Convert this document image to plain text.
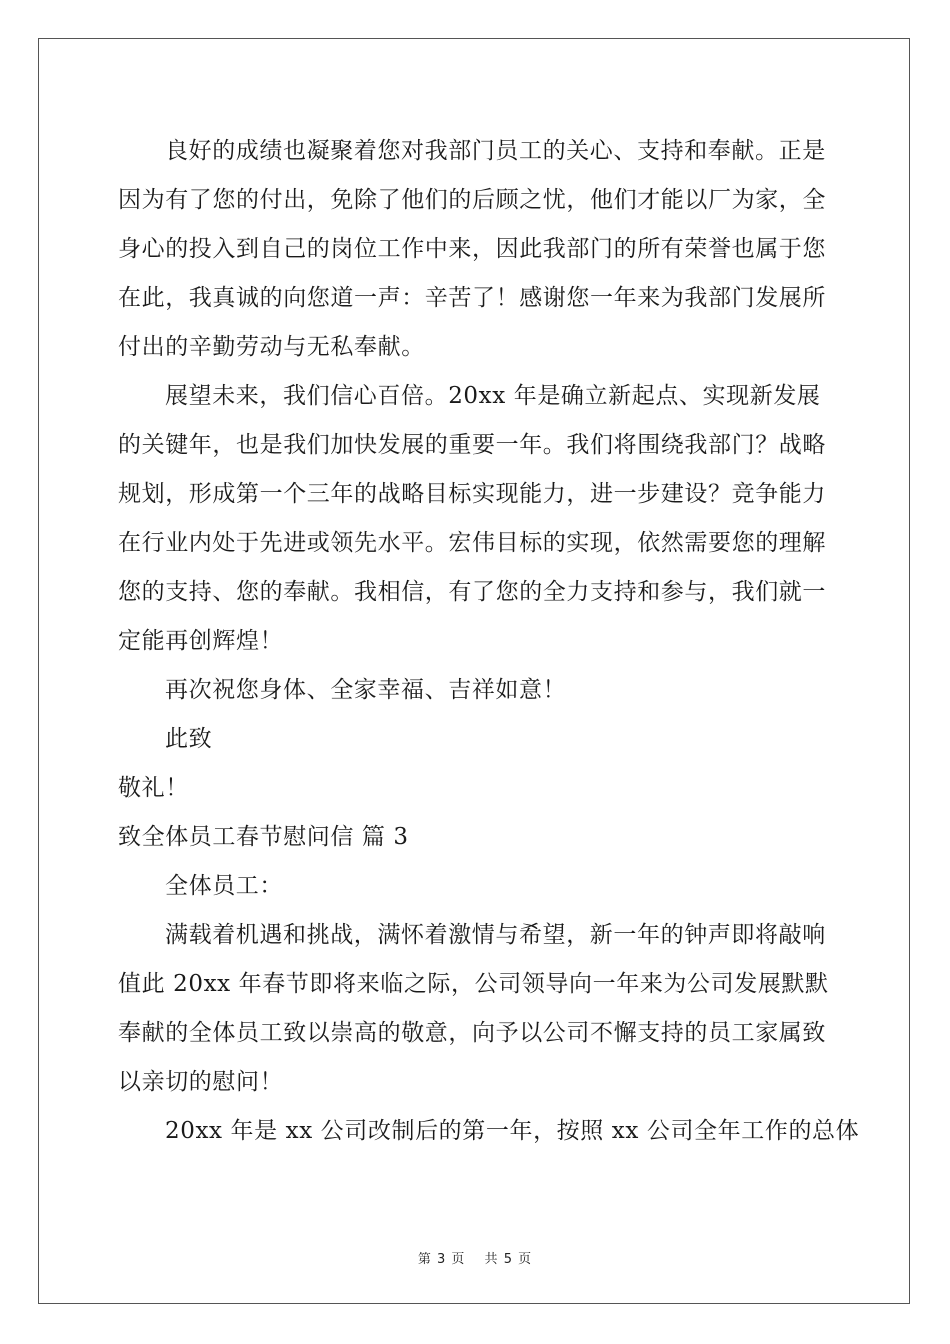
良好的成绩也凝聚着您对我部门员工的关心、支持和奉献。正是
因为有了您的付出，免除了他们的后顾之忧，他们才能以厂为家，全
身心的投入到自己的岗位工作中来，因此我部门的所有荣誉也属于您
在此，我真诚的向您道一声：辛苦了！感谢您一年来为我部门发展所
付出的辛勤劳动与无私奉献。
展望未来，我们信心百倍。20xx 年是确立新起点、实现新发展
的关键年，也是我们加快发展的重要一年。我们将围绕我部门？战略
规划，形成第一个三年的战略目标实现能力，进一步建设？竞争能力
在行业内处于先进或领先水平。宏伟目标的实现，依然需要您的理解
您的支持、您的奉献。我相信，有了您的全力支持和参与，我们就一
定能再创辉煌！
再次祝您身体、全家幸福、吉祥如意！
此致
敬礼！
致全体员工春节慰问信 篇 3
全体员工：
满载着机遇和挑战，满怀着激情与希望，新一年的钟声即将敲响
值此 20xx 年春节即将来临之际，公司领导向一年来为公司发展默默
奉献的全体员工致以崇高的敬意，向予以公司不懈支持的员工家属致
以亲切的慰问！
20xx 年是 xx 公司改制后的第一年，按照 xx 公司全年工作的总体
第 3 页　 共 5 页
